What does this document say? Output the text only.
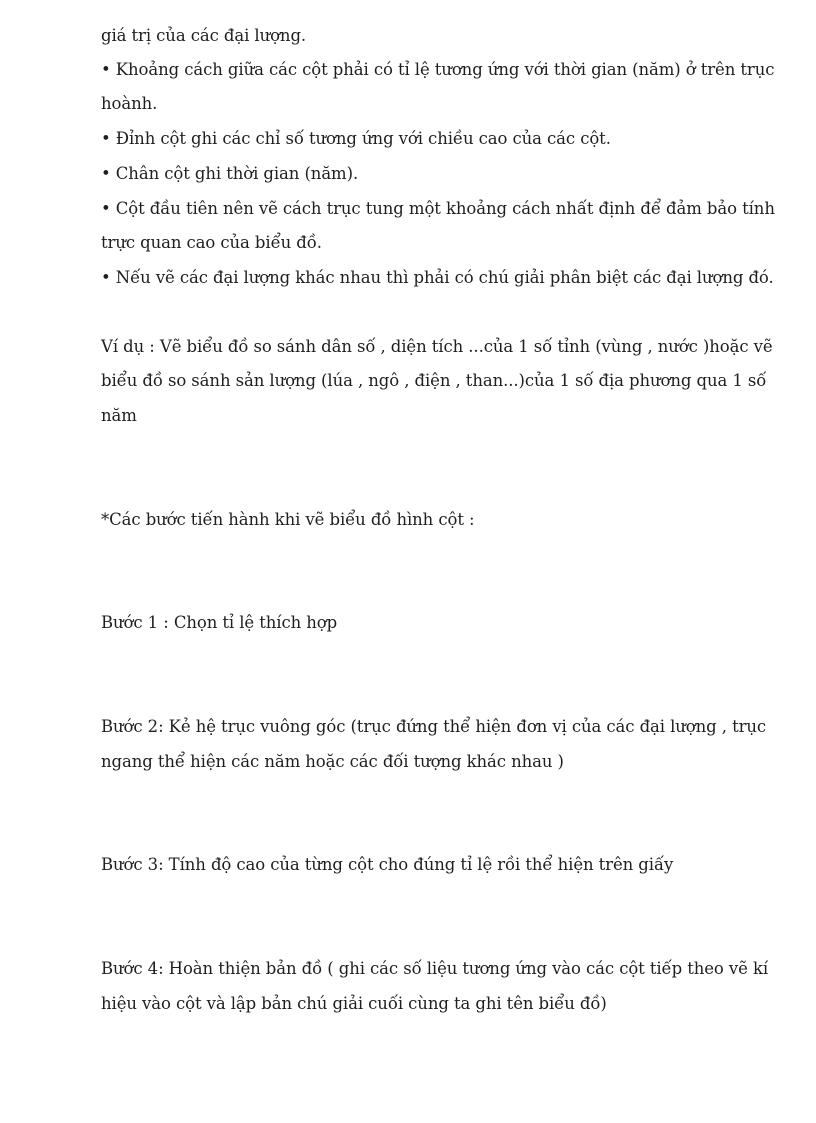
giá trị của các đại lượng.
• Khoảng cách giữa các cột phải có tỉ lệ tương ứng với thời gian (năm) ở trên trục
hoành.
• Đỉnh cột ghi các chỉ số tương ứng với chiều cao của các cột.
• Chân cột ghi thời gian (năm).
• Cột đầu tiên nên vẽ cách trục tung một khoảng cách nhất định để đảm bảo tính
trực quan cao của biểu đồ.
• Nếu vẽ các đại lượng khác nhau thì phải có chú giải phân biệt các đại lượng đó.
Ví dụ : Vẽ biểu đồ so sánh dân số , diện tích ...của 1 số tỉnh (vùng , nước )hoặc vẽ
biểu đồ so sánh sản lượng (lúa , ngô , điện , than...)của 1 số địa phương qua 1 số
năm
*Các bước tiến hành khi vẽ biểu đồ hình cột :
Bước 1 : Chọn tỉ lệ thích hợp
Bước 2: Kẻ hệ trục vuông góc (trục đứng thể hiện đơn vị của các đại lượng , trục
ngang thể hiện các năm hoặc các đối tượng khác nhau )
Bước 3: Tính độ cao của từng cột cho đúng tỉ lệ rồi thể hiện trên giấy
Bước 4: Hoàn thiện bản đồ ( ghi các số liệu tương ứng vào các cột tiếp theo vẽ kí
hiệu vào cột và lập bản chú giải cuối cùng ta ghi tên biểu đồ)
